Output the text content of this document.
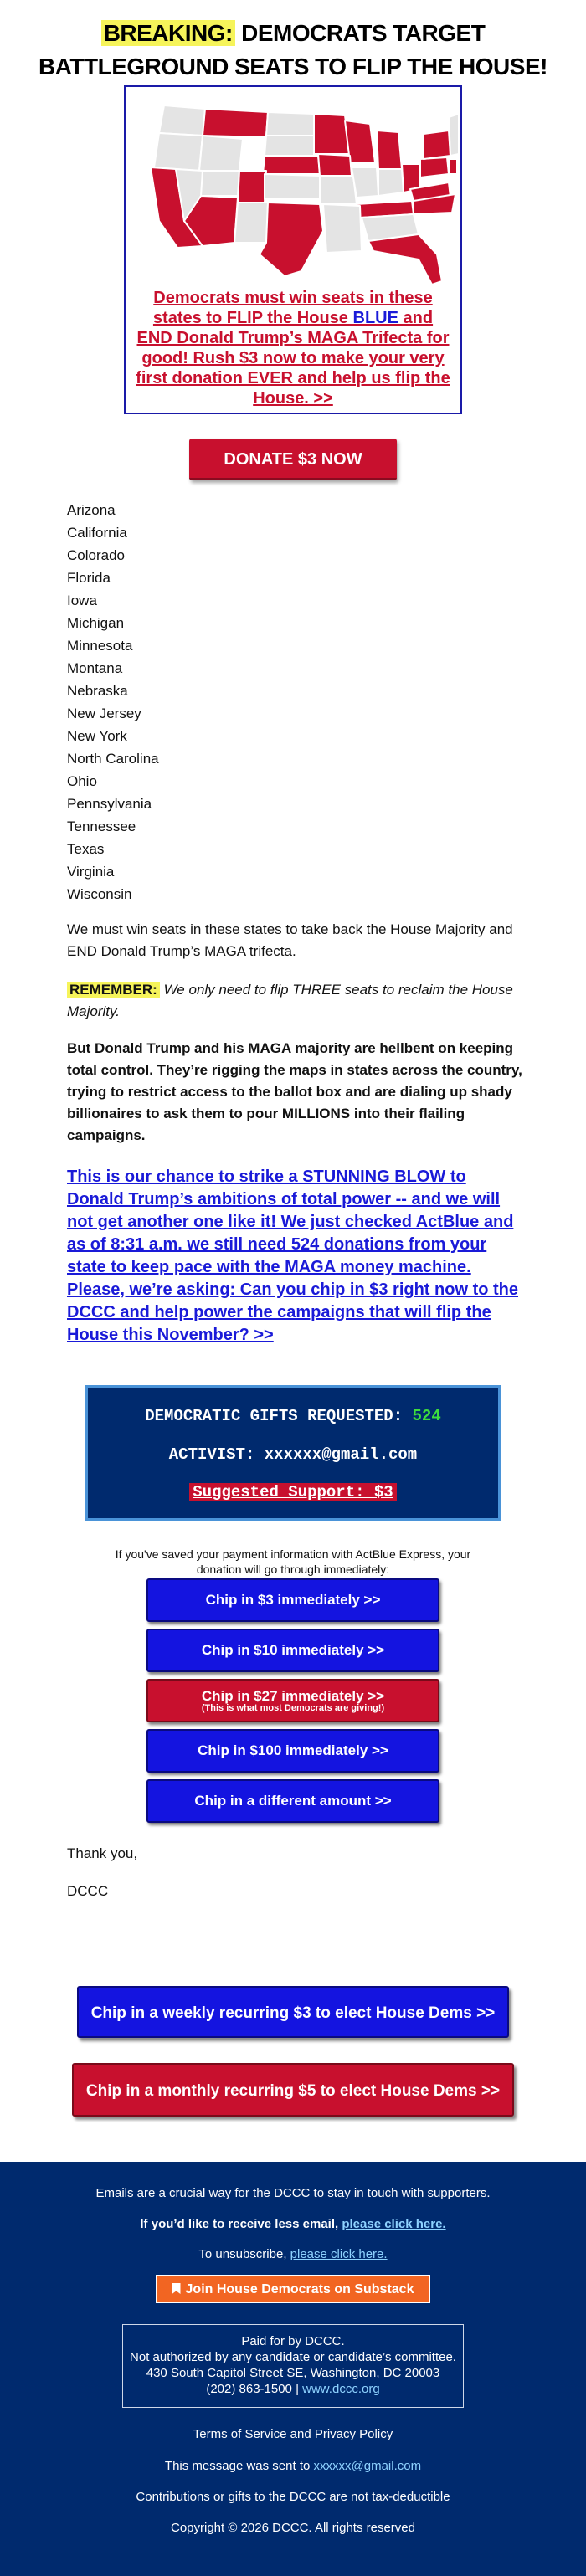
BREAKING: DEMOCRATS TARGET
BATTLEGROUND SEATS TO FLIP THE HOUSE!
Democrats must win seats in these states to FLIP the House BLUE and END Donald Trump’s MAGA Trifecta for good! Rush $3 now to make your very first donation EVER and help us flip the House. >>
DONATE $3 NOW
Arizona
California
Colorado
Florida
Iowa
Michigan
Minnesota
Montana
Nebraska
New Jersey
New York
North Carolina
Ohio
Pennsylvania
Tennessee
Texas
Virginia
Wisconsin

We must win seats in these states to take back the House Majority and END Donald Trump’s MAGA trifecta.

REMEMBER: We only need to flip THREE seats to reclaim the House Majority.

But Donald Trump and his MAGA majority are hellbent on keeping total control. They’re rigging the maps in states across the country, trying to restrict access to the ballot box and are dialing up shady billionaires to ask them to pour MILLIONS into their flailing campaigns.

This is our chance to strike a STUNNING BLOW to Donald Trump’s ambitions of total power -- and we will not get another one like it! We just checked ActBlue and as of 8:31 a.m. we still need 524 donations from your state to keep pace with the MAGA money machine. Please, we’re asking: Can you chip in $3 right now to the DCCC and help power the campaigns that will flip the House this November? >>

DEMOCRATIC GIFTS REQUESTED: 524
ACTIVIST: xxxxxx@gmail.com
Suggested Support: $3
If you've saved your payment information with ActBlue Express, your donation will go through immediately:
Chip in $3 immediately >>
Chip in $10 immediately >>
Chip in $27 immediately >>
(This is what most Democrats are giving!)
Chip in $100 immediately >>
Chip in a different amount >>
Thank you,
DCCC
Chip in a weekly recurring $3 to elect House Dems >>
Chip in a monthly recurring $5 to elect House Dems >>
Emails are a crucial way for the DCCC to stay in touch with supporters.
If you’d like to receive less email, please click here.
To unsubscribe, please click here.
Join House Democrats on Substack
Paid for by DCCC.
Not authorized by any candidate or candidate’s committee.
430 South Capitol Street SE, Washington, DC 20003
(202) 863-1500 | www.dccc.org
Terms of Service and Privacy Policy
This message was sent to xxxxxx@gmail.com
Contributions or gifts to the DCCC are not tax-deductible
Copyright © 2026 DCCC. All rights reserved
